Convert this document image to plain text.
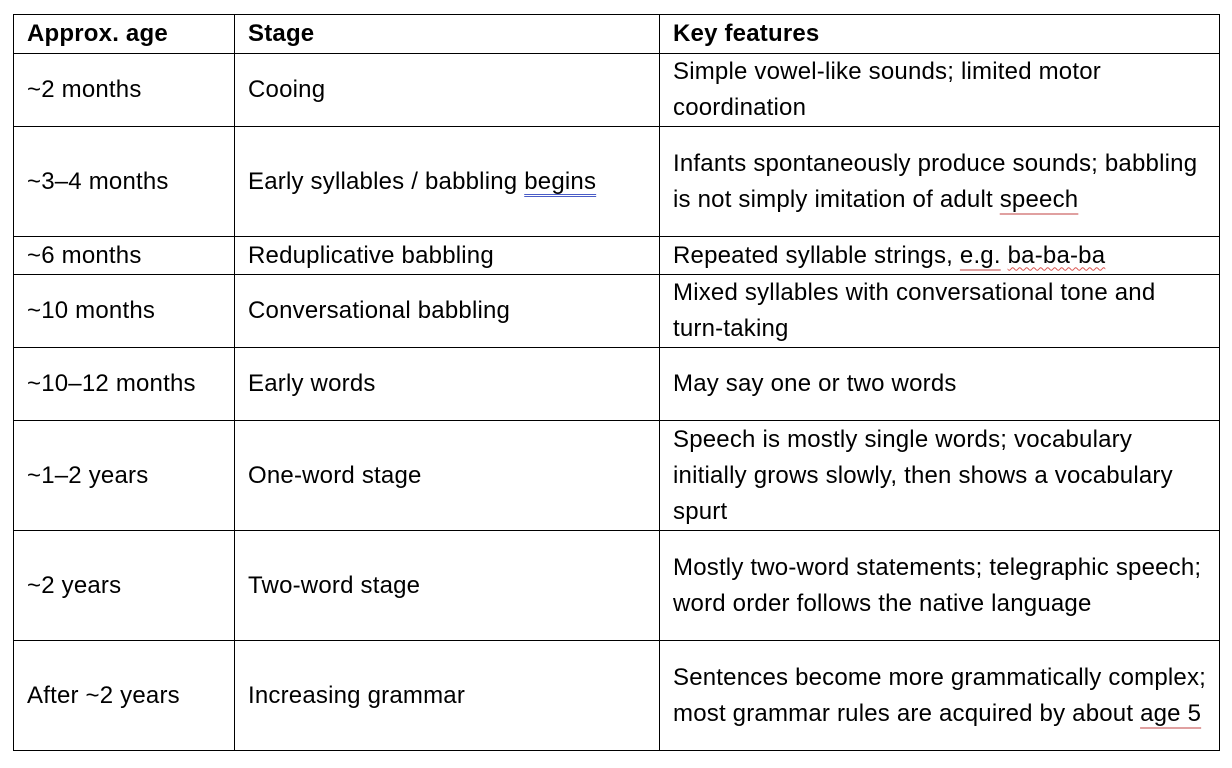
Approx. age	Stage	Key features
~2 months	Cooing	Simple vowel-like sounds; limited motor coordination
~3–4 months	Early syllables / babbling begins	Infants spontaneously produce sounds; babbling is not simply imitation of adult speech
~6 months	Reduplicative babbling	Repeated syllable strings, e.g. ba-ba-ba
~10 months	Conversational babbling	Mixed syllables with conversational tone and turn-taking
~10–12 months	Early words	May say one or two words
~1–2 years	One-word stage	Speech is mostly single words; vocabulary initially grows slowly, then shows a vocabulary spurt
~2 years	Two-word stage	Mostly two-word statements; telegraphic speech; word order follows the native language
After ~2 years	Increasing grammar	Sentences become more grammatically complex; most grammar rules are acquired by about age 5
